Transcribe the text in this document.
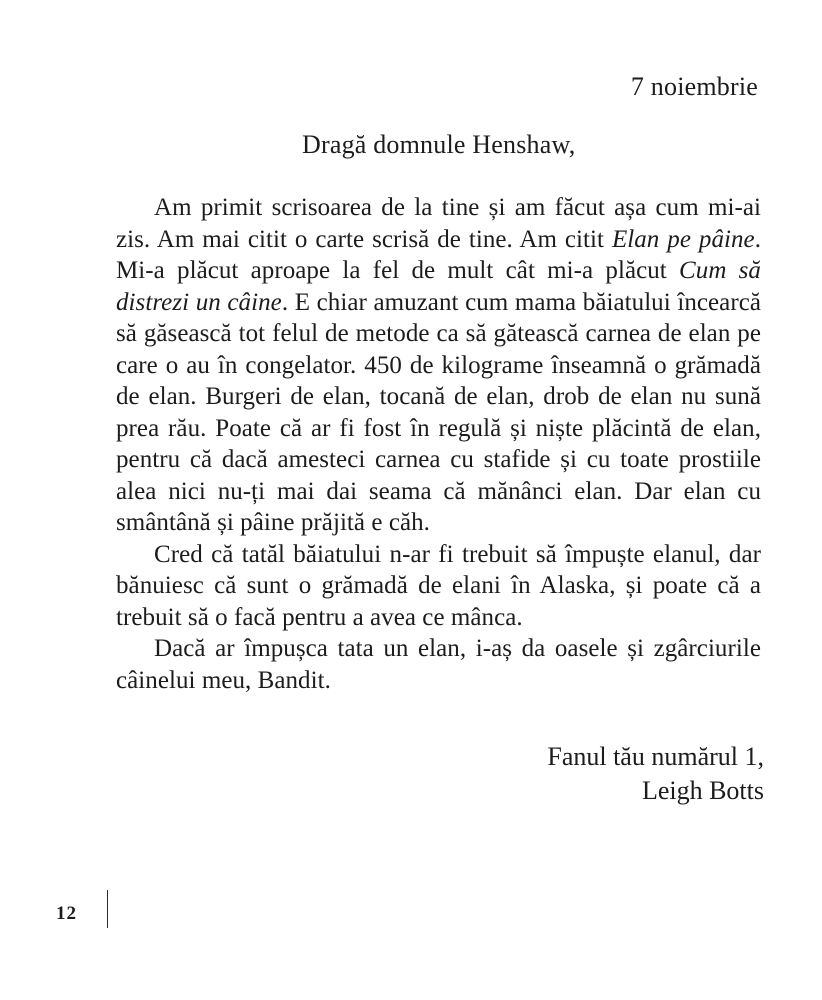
7 noiembrie
Dragă domnule Henshaw,

Am primit scrisoarea de la tine și am făcut așa cum mi-ai zis. Am mai citit o carte scrisă de tine. Am citit Elan pe pâine. Mi-a plăcut aproape la fel de mult cât mi-a plăcut Cum să distrezi un câine. E chiar amuzant cum mama băiatului încearcă să găsească tot felul de metode ca să gătească carnea de elan pe care o au în congelator. 450 de kilograme înseamnă o grămadă de elan. Burgeri de elan, tocană de elan, drob de elan nu sună prea rău. Poate că ar fi fost în regulă și niște plăcintă de elan, pentru că dacă amesteci carnea cu stafide și cu toate prostiile alea nici nu-ți mai dai seama că mănânci elan. Dar elan cu smântână și pâine prăjită e căh.

Cred că tatăl băiatului n-ar fi trebuit să împuște elanul, dar bănuiesc că sunt o grămadă de elani în Alaska, și poate că a trebuit să o facă pentru a avea ce mânca.

Dacă ar împușca tata un elan, i-aș da oasele și zgârciurile câinelui meu, Bandit.

Fanul tău numărul 1,
Leigh Botts
12
